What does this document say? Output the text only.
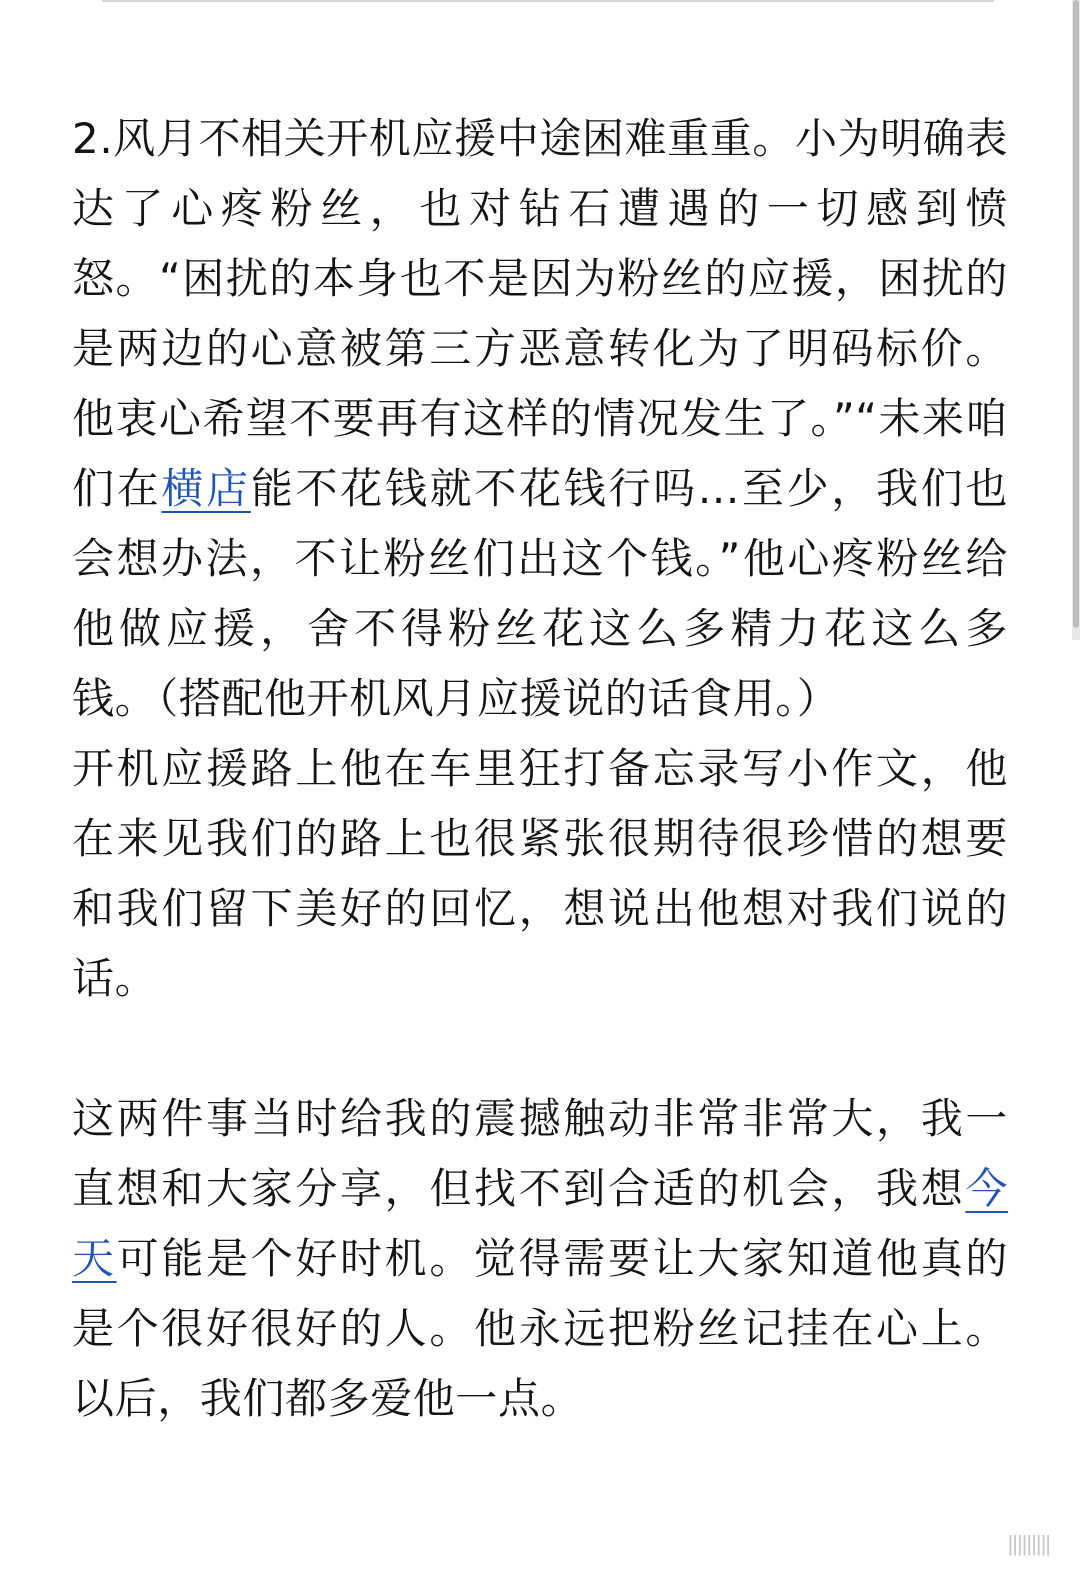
2.风月不相关开机应援中途困难重重。小为明确表达了心疼粉丝，也对钻石遭遇的一切感到愤怒。“困扰的本身也不是因为粉丝的应援，困扰的是两边的心意被第三方恶意转化为了明码标价。他衷心希望不要再有这样的情况发生了。”“未来咱们在横店能不花钱就不花钱行吗...至少，我们也会想办法，不让粉丝们出这个钱。”他心疼粉丝给他做应援，舍不得粉丝花这么多精力花这么多钱。（搭配他开机风月应援说的话食用。）

开机应援路上他在车里狂打备忘录写小作文，他在来见我们的路上也很紧张很期待很珍惜的想要和我们留下美好的回忆，想说出他想对我们说的话。

这两件事当时给我的震撼触动非常非常大，我一直想和大家分享，但找不到合适的机会，我想今天可能是个好时机。觉得需要让大家知道他真的是个很好很好的人。他永远把粉丝记挂在心上。以后，我们都多爱他一点。

|||||||||
